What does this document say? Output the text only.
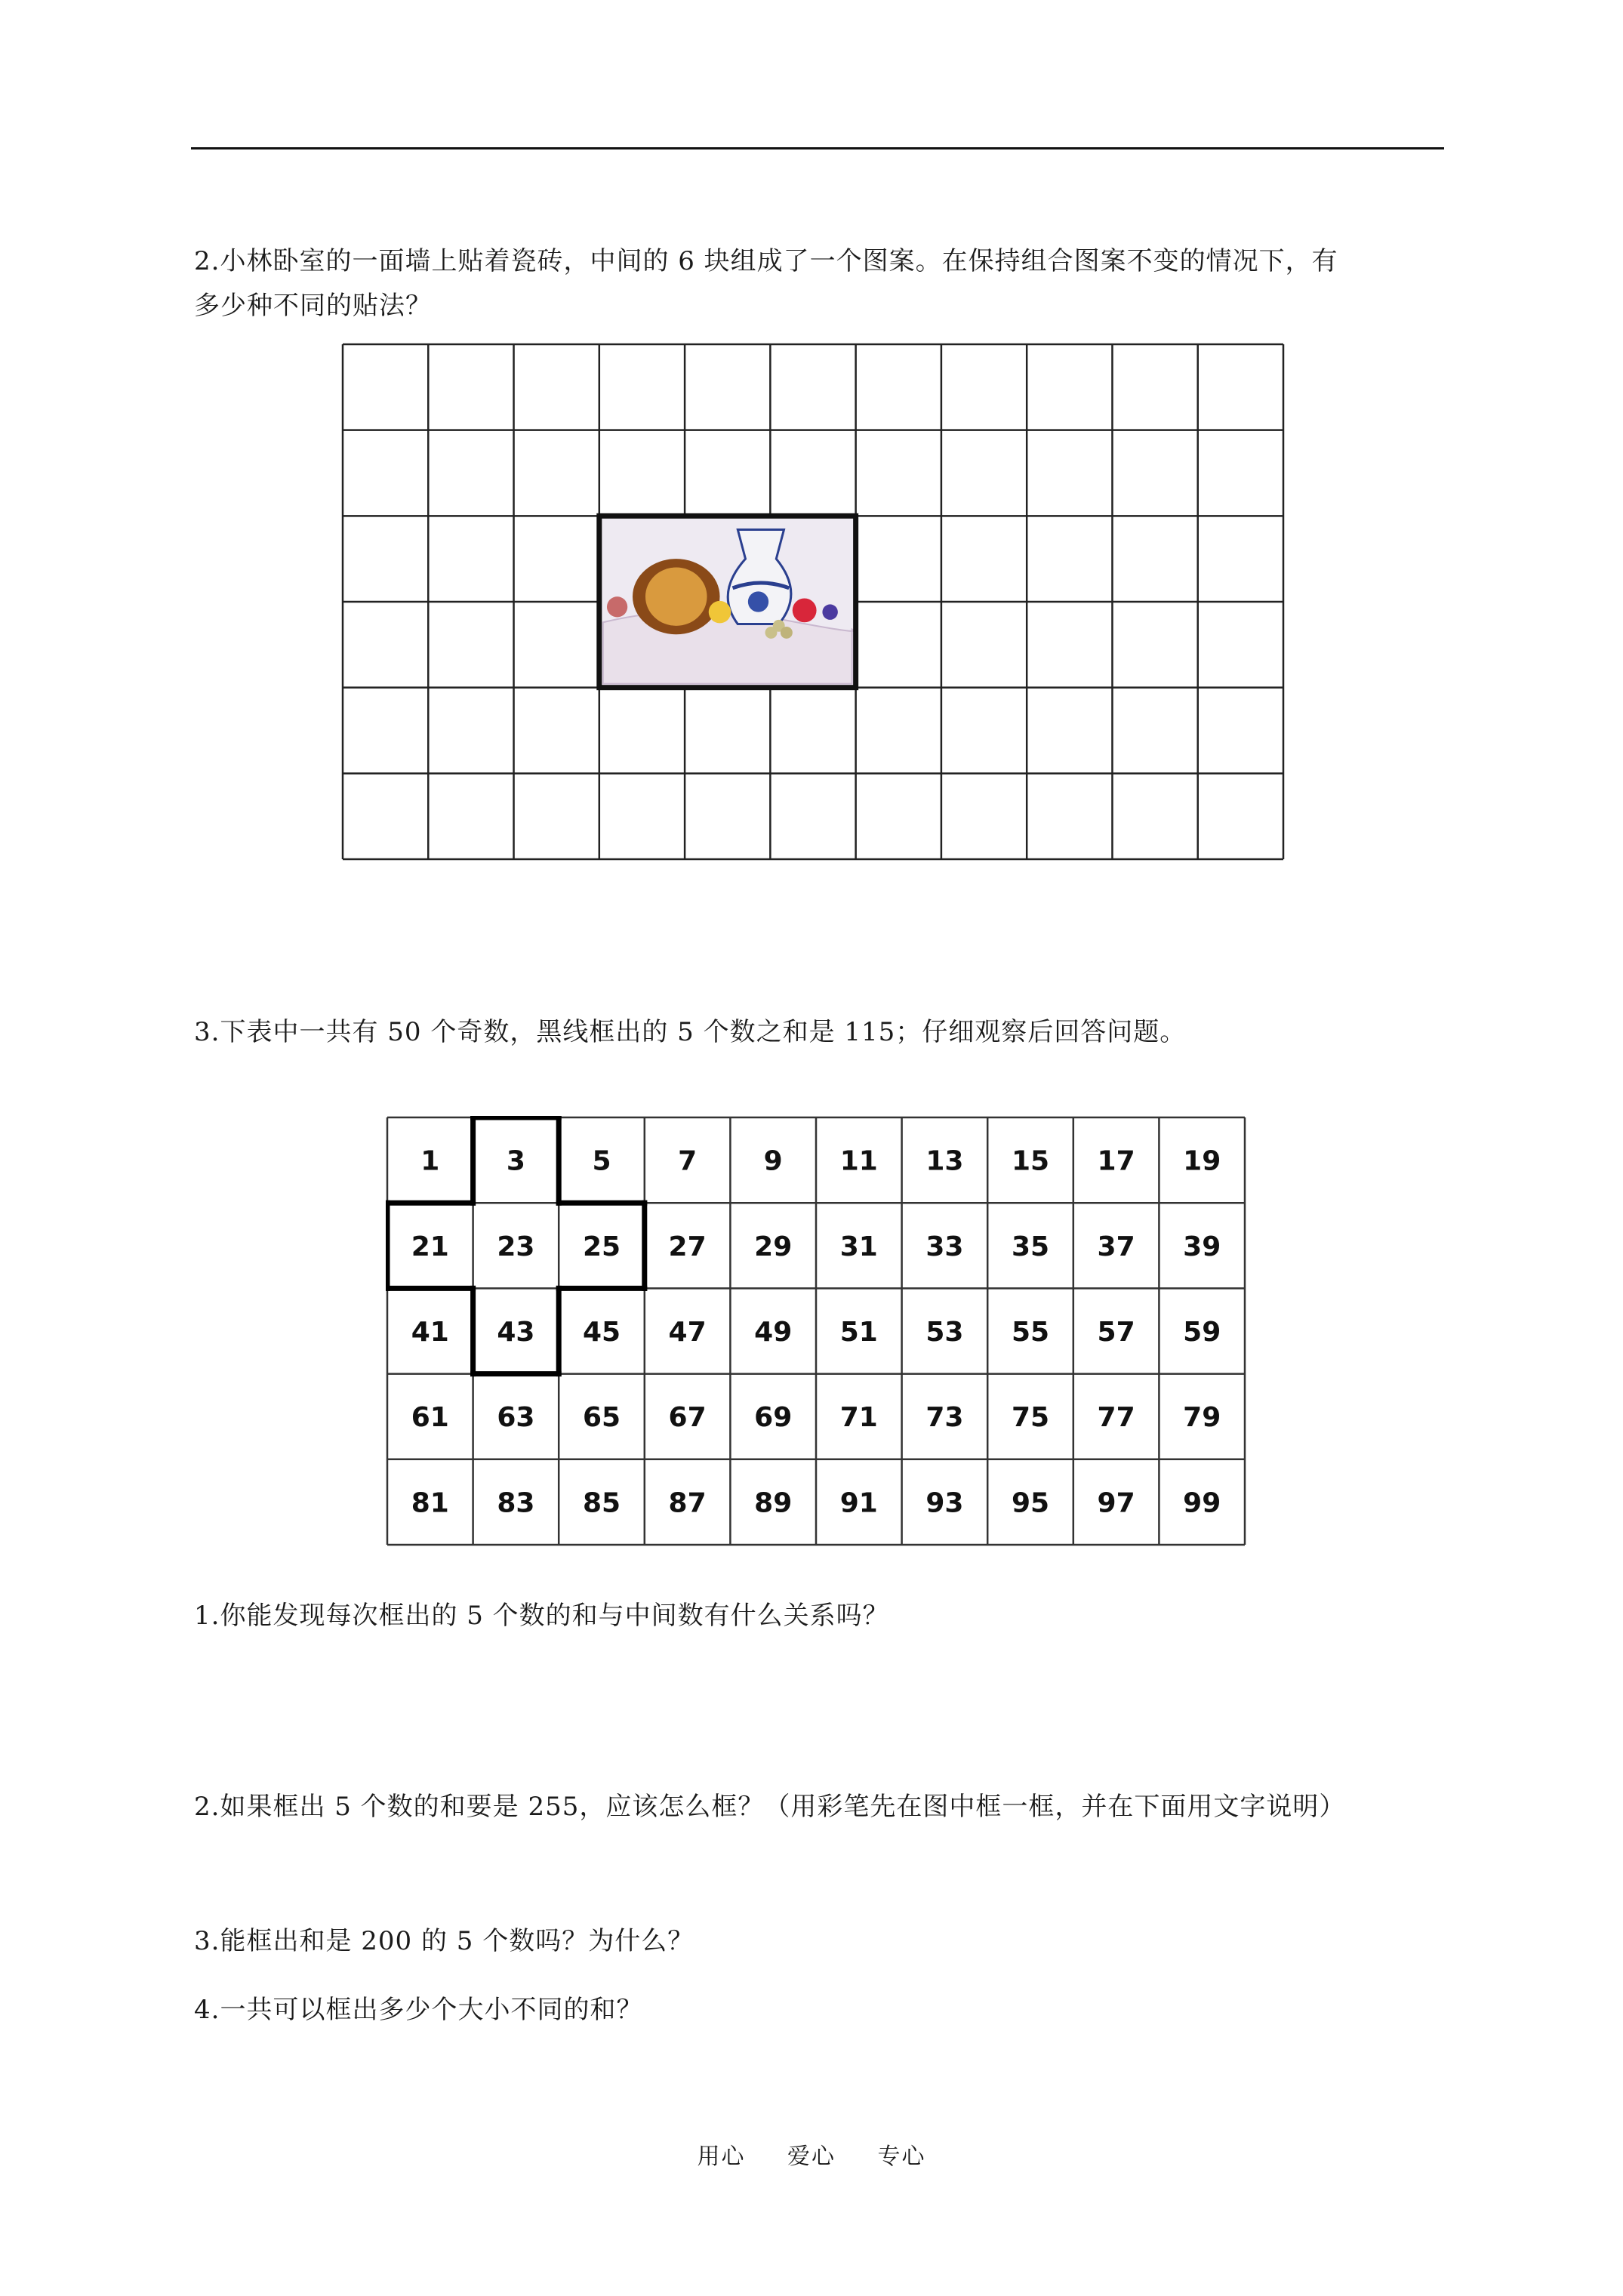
2.小林卧室的一面墙上贴着瓷砖，中间的 6 块组成了一个图案。在保持组合图案不变的情况下，有
多少种不同的贴法？
3.下表中一共有 50 个奇数，黑线框出的 5 个数之和是 115；仔细观察后回答问题。
1 3 5 7 9 11 13 15 17 19
21 23 25 27 29 31 33 35 37 39
41 43 45 47 49 51 53 55 57 59
61 63 65 67 69 71 73 75 77 79
81 83 85 87 89 91 93 95 97 99
1.你能发现每次框出的 5 个数的和与中间数有什么关系吗？
2.如果框出 5 个数的和要是 255，应该怎么框？（用彩笔先在图中框一框，并在下面用文字说明）
3.能框出和是 200 的 5 个数吗？为什么？
4.一共可以框出多少个大小不同的和？
用心 爱心 专心
